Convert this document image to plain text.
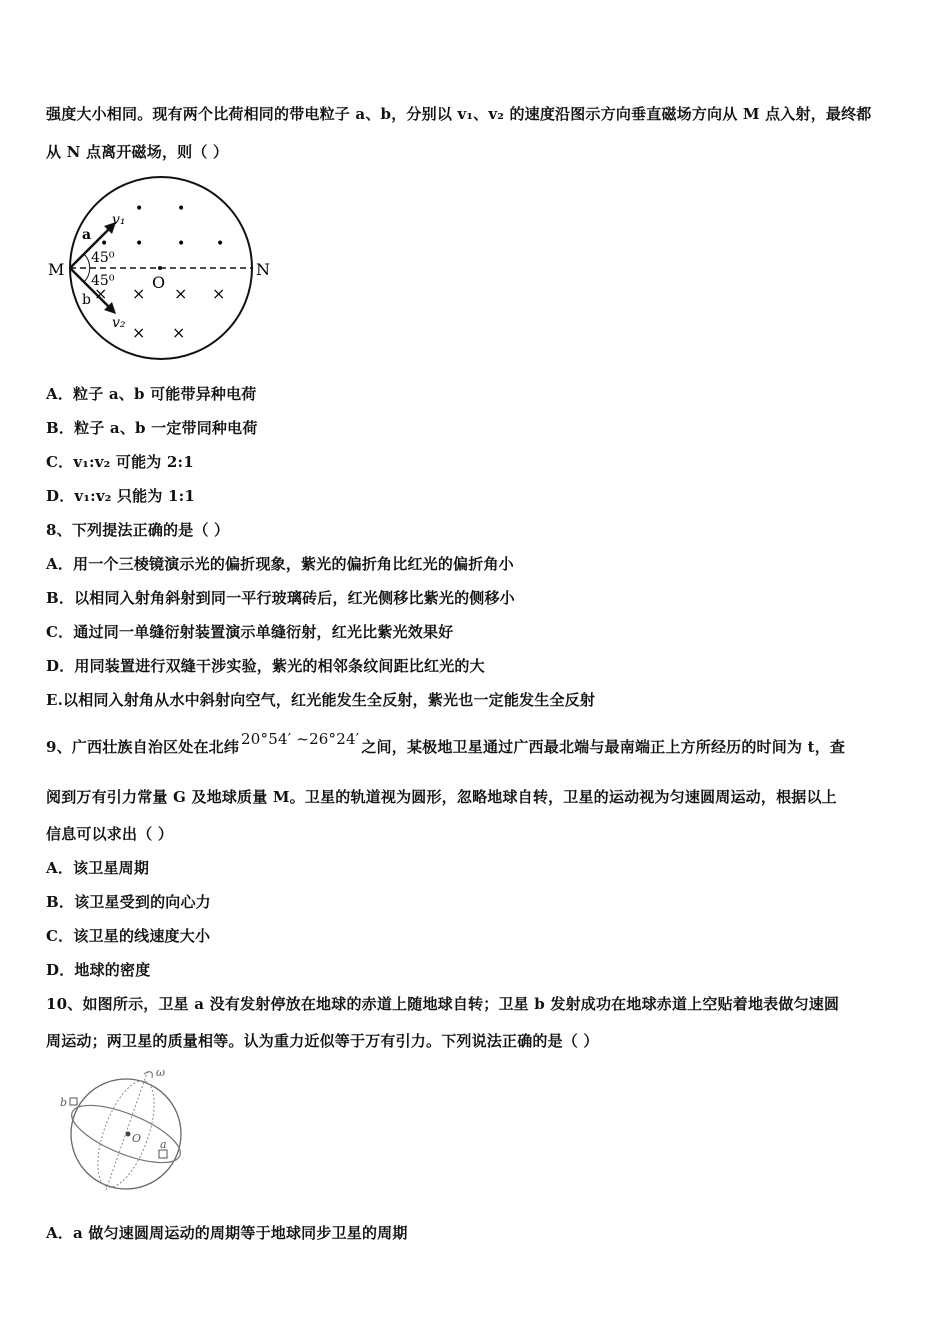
强度大小相同。现有两个比荷相同的带电粒子 a、b，分别以 v₁、v₂ 的速度沿图示方向垂直磁场方向从 M 点入射，最终都
从 N 点离开磁场，则（ ）
M	N
O
a
b
v₁
v₂
45⁰
45⁰
• •
• • •
•
× × × ×
× ×
A．粒子 a、b 可能带异种电荷
B．粒子 a、b 一定带同种电荷
C．v₁:v₂ 可能为 2:1
D．v₁:v₂ 只能为 1:1
8、下列提法正确的是（ ）
A．用一个三棱镜演示光的偏折现象，紫光的偏折角比红光的偏折角小
B．以相同入射角斜射到同一平行玻璃砖后，红光侧移比紫光的侧移小
C．通过同一单缝衍射装置演示单缝衍射，红光比紫光效果好
D．用同装置进行双缝干涉实验，紫光的相邻条纹间距比红光的大
E.以相同入射角从水中斜射向空气，红光能发生全反射，紫光也一定能发生全反射
9、广西壮族自治区处在北纬 20°54′ ~26°24′ 之间，某极地卫星通过广西最北端与最南端正上方所经历的时间为 t，查
阅到万有引力常量 G 及地球质量 M。卫星的轨道视为圆形，忽略地球自转，卫星的运动视为匀速圆周运动，根据以上
信息可以求出（ ）
A．该卫星周期
B．该卫星受到的向心力
C．该卫星的线速度大小
D．地球的密度
10、如图所示，卫星 a 没有发射停放在地球的赤道上随地球自转；卫星 b 发射成功在地球赤道上空贴着地表做匀速圆
周运动；两卫星的质量相等。认为重力近似等于万有引力。下列说法正确的是（ ）
b
a
O
ω
A．a 做匀速圆周运动的周期等于地球同步卫星的周期
